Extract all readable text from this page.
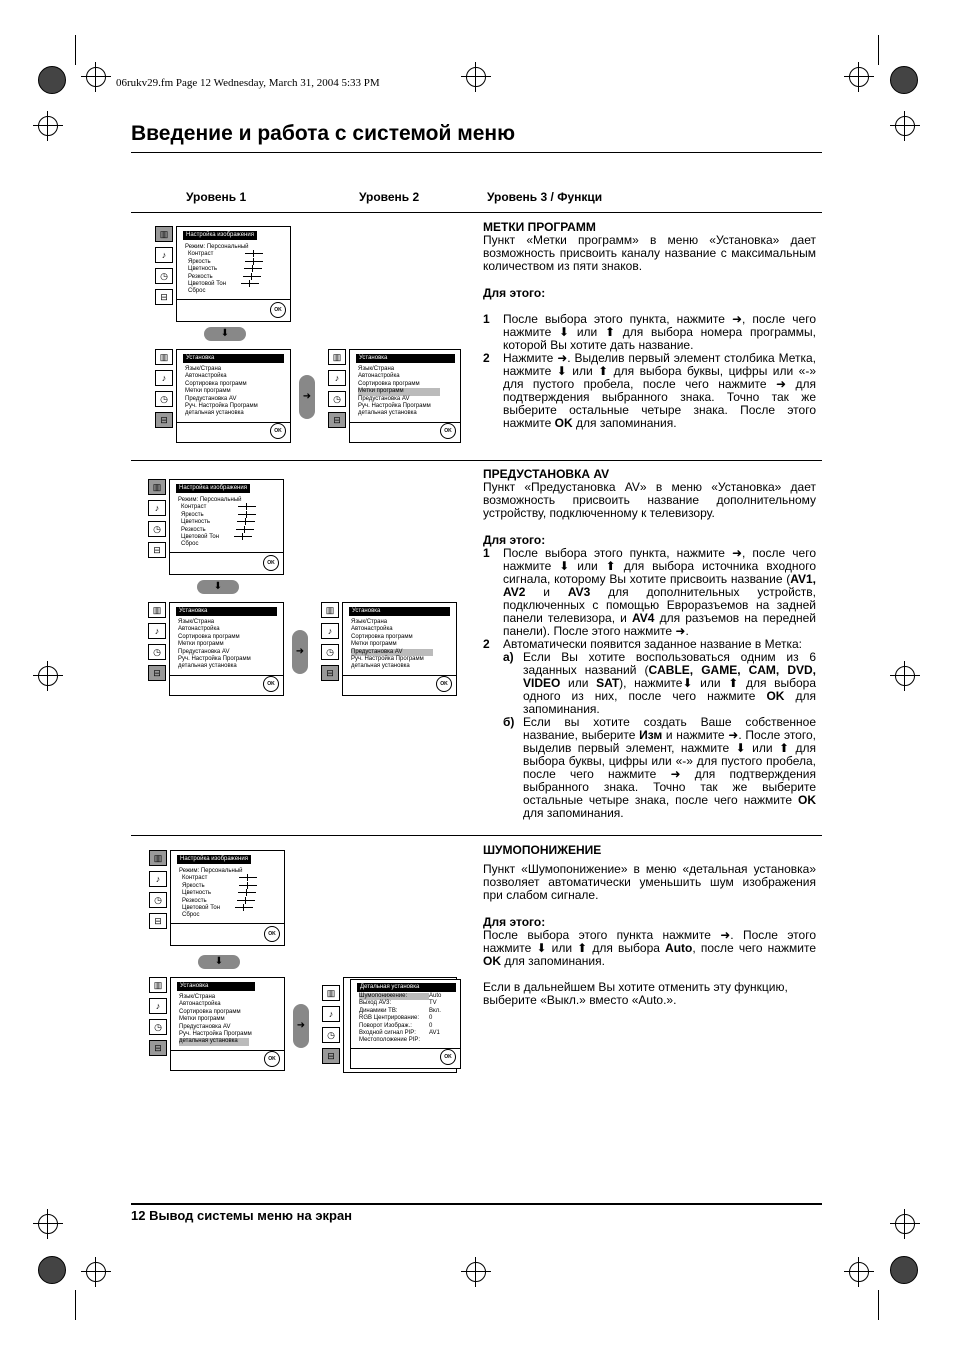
06rukv29.fm Page 12 Wednesday, March 31, 2004 5:33 PM
Введение и работа с системой меню
Уровень 1	Уровень 2	Уровень 3 / Функци
▥
♪
◷
⊟
Настройка изображения
Режим: Персональный
Контраст
Яркость
Цветность
Резкость
Цветовой Тон
Сброс
OK
⬇
▥
♪
◷
⊟
Установка
Язык/Страна
Автонастройка
Сортировка программ
Метки программ
Предустановка AV
Руч. Настройка Программ
детальная установка
OK
➜
▥
♪
◷
⊟
Установка
Язык/Страна
Автонастройка
Сортировка программ
Метки программ
Предустановка AV
Руч. Настройка Программ
детальная установка
OK
МЕТКИ ПРОГРАММ

Пункт «Метки программ» в меню «Установка» дает возможность присвоить каналу название с максимальным количеством из пяти знаков.

Для этого:
1 После выбора этого пункта, нажмите ➜, после чего нажмите ⬇ или ⬆ для выбора номера программы, которой Вы хотите дать название.
2 Нажмите ➜. Выделив первый элемент столбика Метка, нажмите ⬇ или ⬆ для выбора буквы, цифры или «-» для пустого пробела, после чего нажмите ➜ для подтверждения выбранного знака. Точно так же выберите остальные четыре знака. После этого нажмите OK для запоминания.
▥
♪
◷
⊟
Настройка изображения
Режим: Персональный
Контраст
Яркость
Цветность
Резкость
Цветовой Тон
Сброс
OK
⬇
▥
♪
◷
⊟
Установка
Язык/Страна
Автонастройка
Сортировка программ
Метки программ
Предустановка AV
Руч. Настройка Программ
детальная установка
OK
➜
▥
♪
◷
⊟
Установка
Язык/Страна
Автонастройка
Сортировка программ
Метки программ
Предустановка AV
Руч. Настройка Программ
детальная установка
OK
ПРЕДУСТАНОВКА AV

Пункт «Предустановка AV» в меню «Установка» дает возможность присвоить название дополнительному устройству, подключенному к телевизору.

Для этого:
1 После выбора этого пункта, нажмите ➜, после чего нажмите ⬇ или ⬆ для выбора источника входного сигнала, которому Вы хотите присвоить название (AV1, AV2 и AV3 для дополнительных устройств, подключенных с помощью Евроразъемов на задней панели телевизора, и AV4 для разъемов на передней панели). После этого нажмите ➜.
2 Автоматически появится заданное название в Метка:
а) Если Вы хотите воспользоваться одним из 6 заданных названий (CABLE, GAME, CAM, DVD, VIDEO или SAT), нажмите⬇ или ⬆ для выбора одного из них, после чего нажмите OK для запоминания.
б) Если вы хотите создать Ваше собственное название, выберите Изм и нажмите ➜. После этого, выделив первый элемент, нажмите ⬇ или ⬆ для выбора буквы, цифры или «-» для пустого пробела, после чего нажмите ➜ для подтверждения выбранного знака. Точно так же выберите остальные четыре знака, после чего нажмите OK для запоминания.
▥
♪
◷
⊟
Настройка изображения
Режим: Персональный
Контраст
Яркость
Цветность
Резкость
Цветовой Тон
Сброс
OK
⬇
▥
♪
◷
⊟
Установка
Язык/Страна
Автонастройка
Сортировка программ
Метки программ
Предустановка AV
Руч. Настройка Программ
детальная установка
OK
➜
▥
♪
◷
⊟
Детальная установка
Шумопонижение:	Auto
Выход AV3:	TV
Динамики ТВ:	Вкл.
RGB Центрирование:	0
Поворот Изображ.:	0
Входной сигнал PIP:	AV1
Местоположение PIP:
OK
ШУМОПОНИЖЕНИЕ

Пункт «Шумопонижение» в меню «детальная установка» позволяет автоматически уменьшить шум изображения при слабом сигнале.

Для этого:

После выбора этого пункта нажмите ➜. После этого нажмите ⬇ или ⬆ для выбора Auto, после чего нажмите OK для запоминания.

Если в дальнейшем Вы хотите отменить эту функцию, выберите «Выкл.» вместо «Auto.».

12 Вывод системы меню на экран
